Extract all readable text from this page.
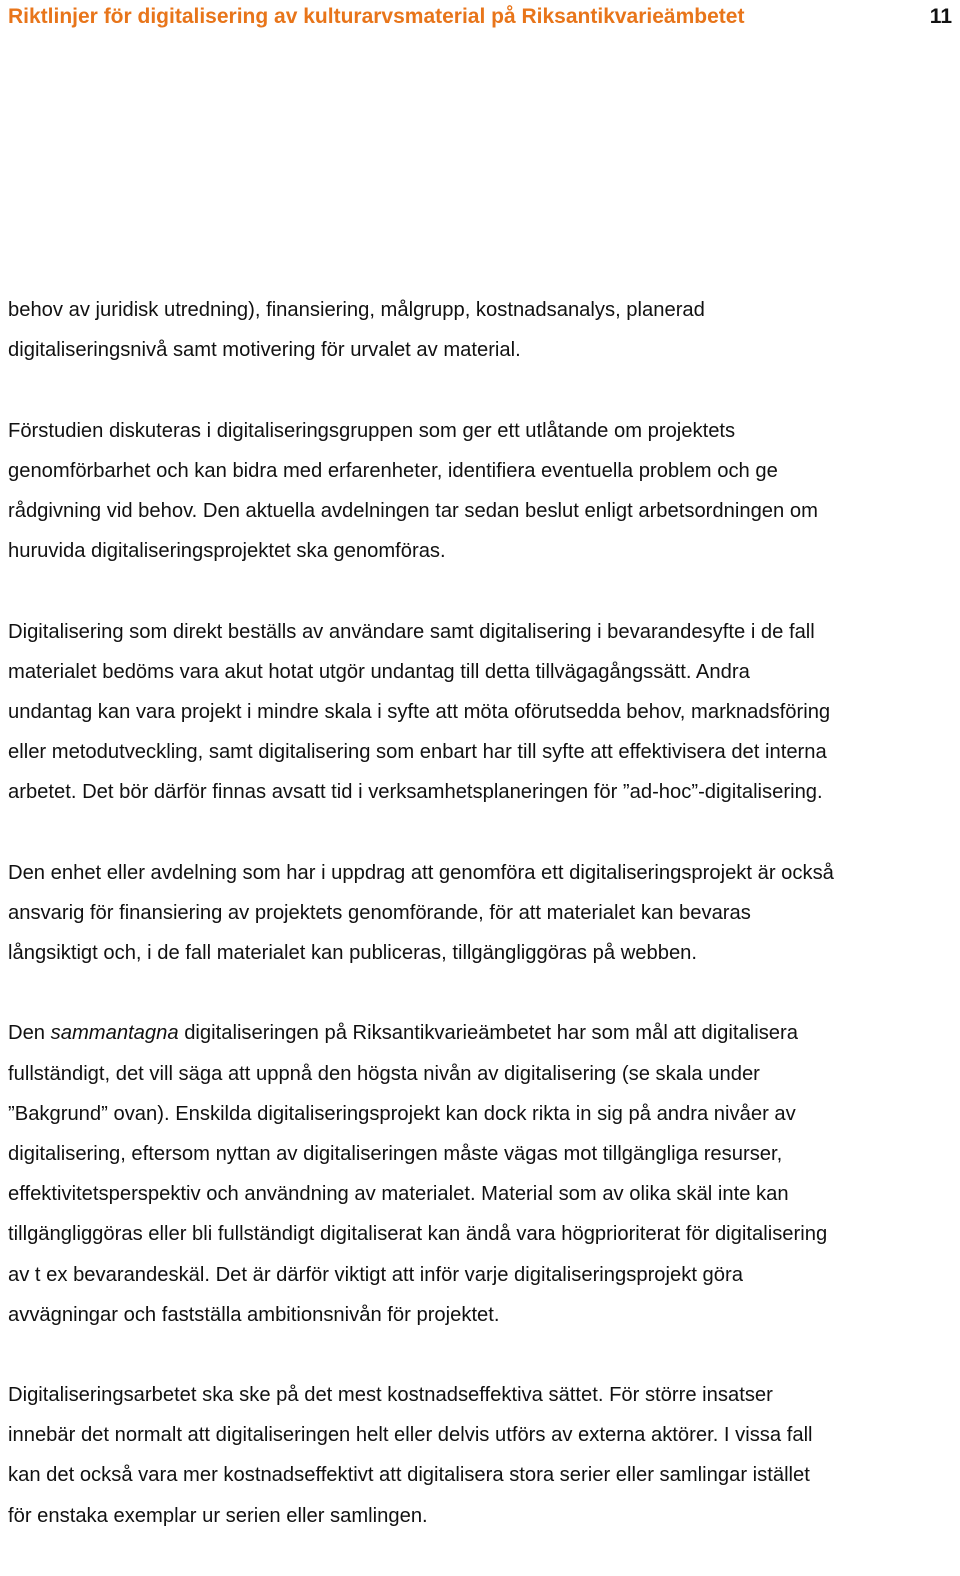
Riktlinjer för digitalisering av kulturarvsmaterial på Riksantikvarieämbetet	11

behov av juridisk utredning), finansiering, målgrupp, kostnadsanalys, planerad
digitaliseringsnivå samt motivering för urvalet av material.

Förstudien diskuteras i digitaliseringsgruppen som ger ett utlåtande om projektets
genomförbarhet och kan bidra med erfarenheter, identifiera eventuella problem och ge
rådgivning vid behov. Den aktuella avdelningen tar sedan beslut enligt arbetsordningen om
huruvida digitaliseringsprojektet ska genomföras.

Digitalisering som direkt beställs av användare samt digitalisering i bevarandesyfte i de fall
materialet bedöms vara akut hotat utgör undantag till detta tillvägagångssätt. Andra
undantag kan vara projekt i mindre skala i syfte att möta oförutsedda behov, marknadsföring
eller metodutveckling, samt digitalisering som enbart har till syfte att effektivisera det interna
arbetet. Det bör därför finnas avsatt tid i verksamhetsplaneringen för ”ad-hoc”-digitalisering.

Den enhet eller avdelning som har i uppdrag att genomföra ett digitaliseringsprojekt är också
ansvarig för finansiering av projektets genomförande, för att materialet kan bevaras
långsiktigt och, i de fall materialet kan publiceras, tillgängliggöras på webben.

Den sammantagna digitaliseringen på Riksantikvarieämbetet har som mål att digitalisera
fullständigt, det vill säga att uppnå den högsta nivån av digitalisering (se skala under
”Bakgrund” ovan). Enskilda digitaliseringsprojekt kan dock rikta in sig på andra nivåer av
digitalisering, eftersom nyttan av digitaliseringen måste vägas mot tillgängliga resurser,
effektivitetsperspektiv och användning av materialet. Material som av olika skäl inte kan
tillgängliggöras eller bli fullständigt digitaliserat kan ändå vara högprioriterat för digitalisering
av t ex bevarandeskäl. Det är därför viktigt att inför varje digitaliseringsprojekt göra
avvägningar och fastställa ambitionsnivån för projektet.

Digitaliseringsarbetet ska ske på det mest kostnadseffektiva sättet. För större insatser
innebär det normalt att digitaliseringen helt eller delvis utförs av externa aktörer. I vissa fall
kan det också vara mer kostnadseffektivt att digitalisera stora serier eller samlingar istället
för enstaka exemplar ur serien eller samlingen.
